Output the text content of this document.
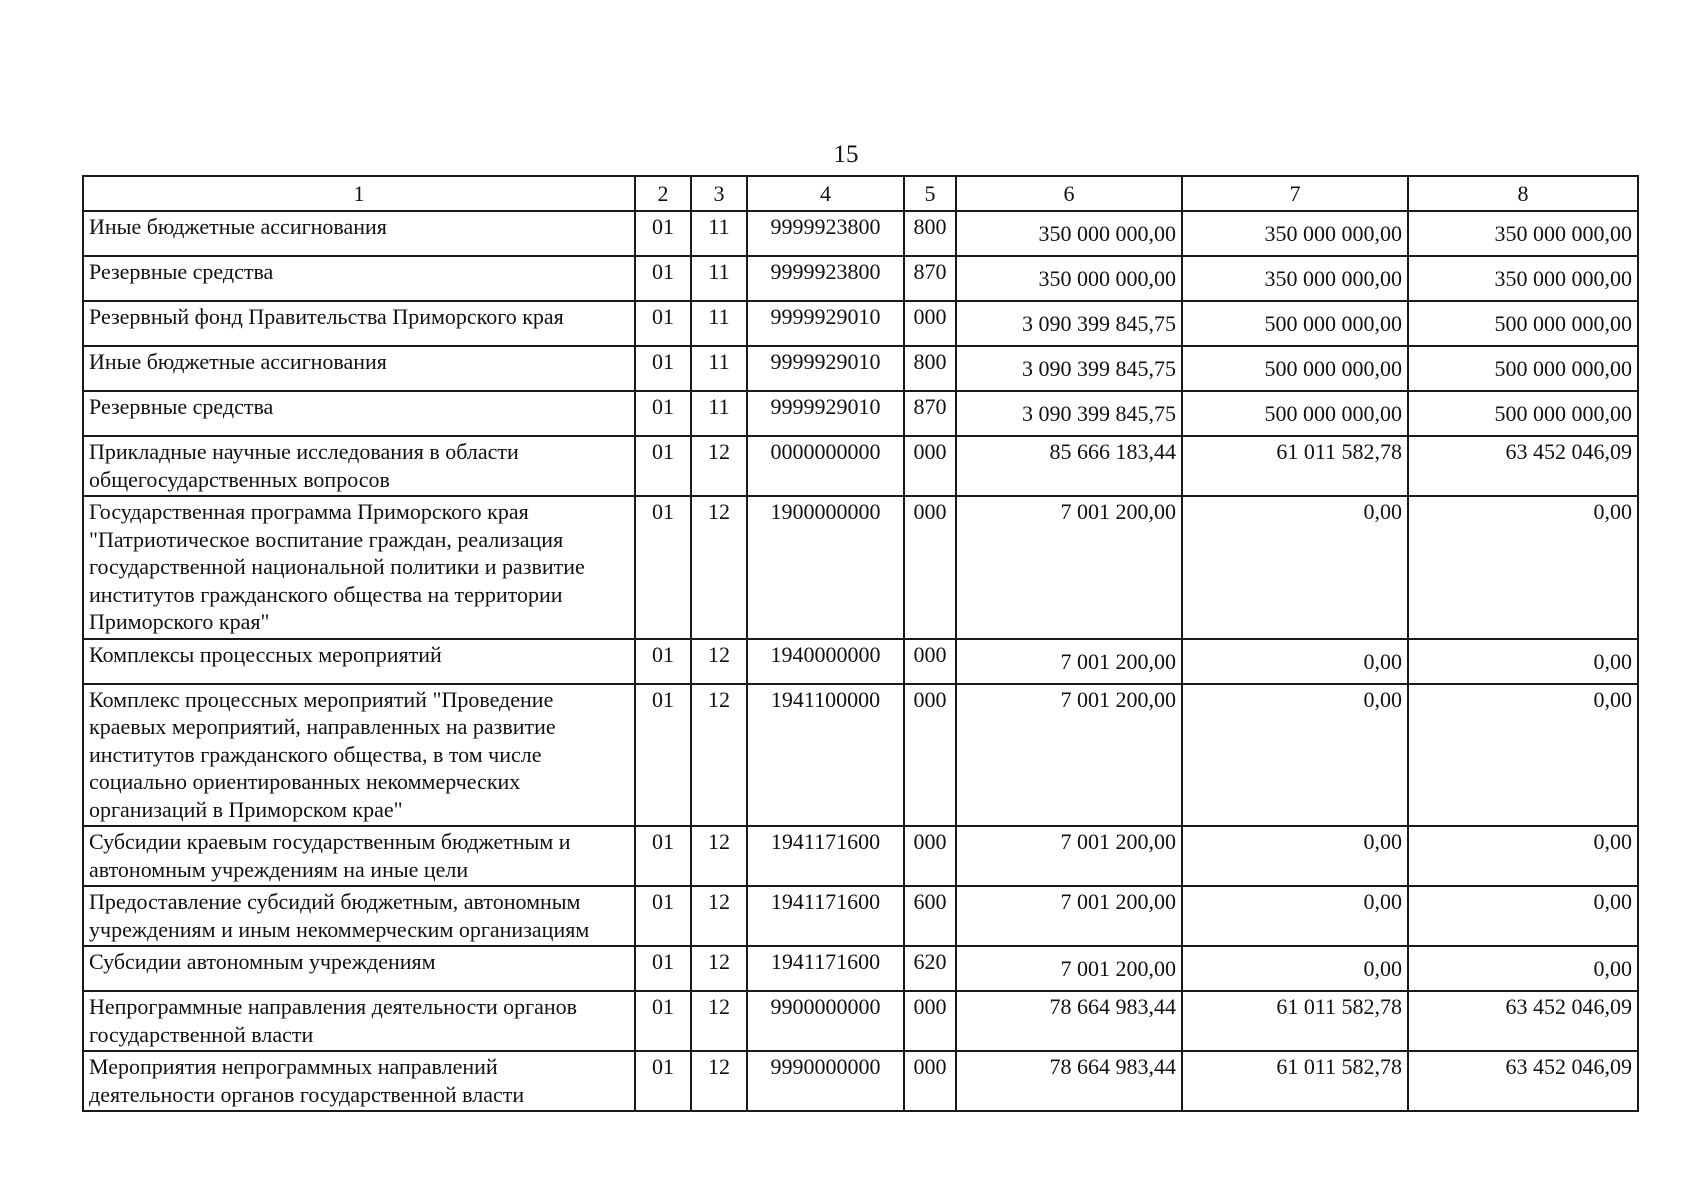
15
1	2	3	4	5	6	7	8
Иные бюджетные ассигнования	01	11	9999923800	800	350 000 000,00	350 000 000,00	350 000 000,00
Резервные средства	01	11	9999923800	870	350 000 000,00	350 000 000,00	350 000 000,00
Резервный фонд Правительства Приморского края	01	11	9999929010	000	3 090 399 845,75	500 000 000,00	500 000 000,00
Иные бюджетные ассигнования	01	11	9999929010	800	3 090 399 845,75	500 000 000,00	500 000 000,00
Резервные средства	01	11	9999929010	870	3 090 399 845,75	500 000 000,00	500 000 000,00
Прикладные научные исследования в области общегосударственных вопросов	01	12	0000000000	000	85 666 183,44	61 011 582,78	63 452 046,09
Государственная программа Приморского края "Патриотическое воспитание граждан, реализация государственной национальной политики и развитие институтов гражданского общества на территории Приморского края"	01	12	1900000000	000	7 001 200,00	0,00	0,00
Комплексы процессных мероприятий	01	12	1940000000	000	7 001 200,00	0,00	0,00
Комплекс процессных мероприятий "Проведение краевых мероприятий, направленных на развитие институтов гражданского общества, в том числе социально ориентированных некоммерческих организаций в Приморском крае"	01	12	1941100000	000	7 001 200,00	0,00	0,00
Субсидии краевым государственным бюджетным и автономным учреждениям на иные цели	01	12	1941171600	000	7 001 200,00	0,00	0,00
Предоставление субсидий бюджетным, автономным учреждениям и иным некоммерческим организациям	01	12	1941171600	600	7 001 200,00	0,00	0,00
Субсидии автономным учреждениям	01	12	1941171600	620	7 001 200,00	0,00	0,00
Непрограммные направления деятельности органов государственной власти	01	12	9900000000	000	78 664 983,44	61 011 582,78	63 452 046,09
Мероприятия непрограммных направлений деятельности органов государственной власти	01	12	9990000000	000	78 664 983,44	61 011 582,78	63 452 046,09
